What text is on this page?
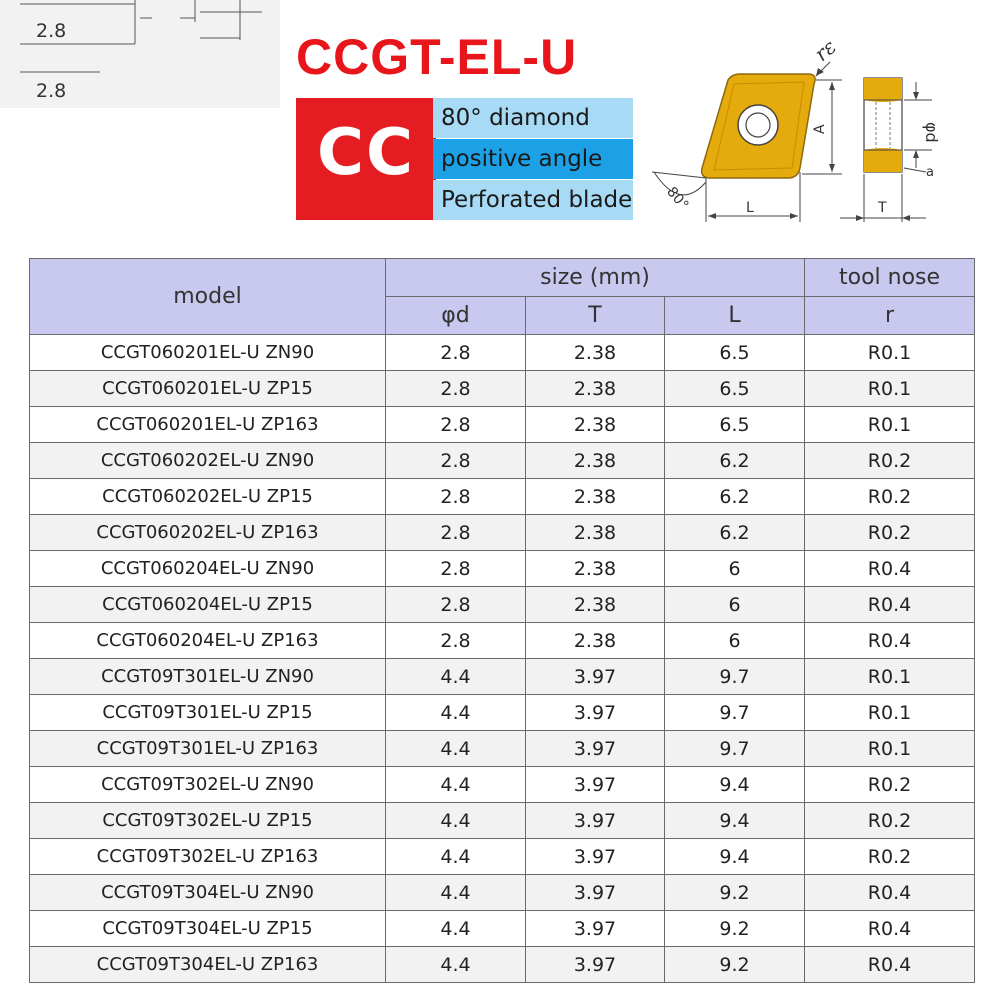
2.8
2.8
CCGT-EL-U
CC	80° diamond
positive angle
Perforated blade
A
rε
80°	L
φd
a
T
model	size (mm)			tool nose
	φd	T	L	r
CCGT060201EL-U ZN90	2.8	2.38	6.5	R0.1
CCGT060201EL-U ZP15	2.8	2.38	6.5	R0.1
CCGT060201EL-U ZP163	2.8	2.38	6.5	R0.1
CCGT060202EL-U ZN90	2.8	2.38	6.2	R0.2
CCGT060202EL-U ZP15	2.8	2.38	6.2	R0.2
CCGT060202EL-U ZP163	2.8	2.38	6.2	R0.2
CCGT060204EL-U ZN90	2.8	2.38	6	R0.4
CCGT060204EL-U ZP15	2.8	2.38	6	R0.4
CCGT060204EL-U ZP163	2.8	2.38	6	R0.4
CCGT09T301EL-U ZN90	4.4	3.97	9.7	R0.1
CCGT09T301EL-U ZP15	4.4	3.97	9.7	R0.1
CCGT09T301EL-U ZP163	4.4	3.97	9.7	R0.1
CCGT09T302EL-U ZN90	4.4	3.97	9.4	R0.2
CCGT09T302EL-U ZP15	4.4	3.97	9.4	R0.2
CCGT09T302EL-U ZP163	4.4	3.97	9.4	R0.2
CCGT09T304EL-U ZN90	4.4	3.97	9.2	R0.4
CCGT09T304EL-U ZP15	4.4	3.97	9.2	R0.4
CCGT09T304EL-U ZP163	4.4	3.97	9.2	R0.4
